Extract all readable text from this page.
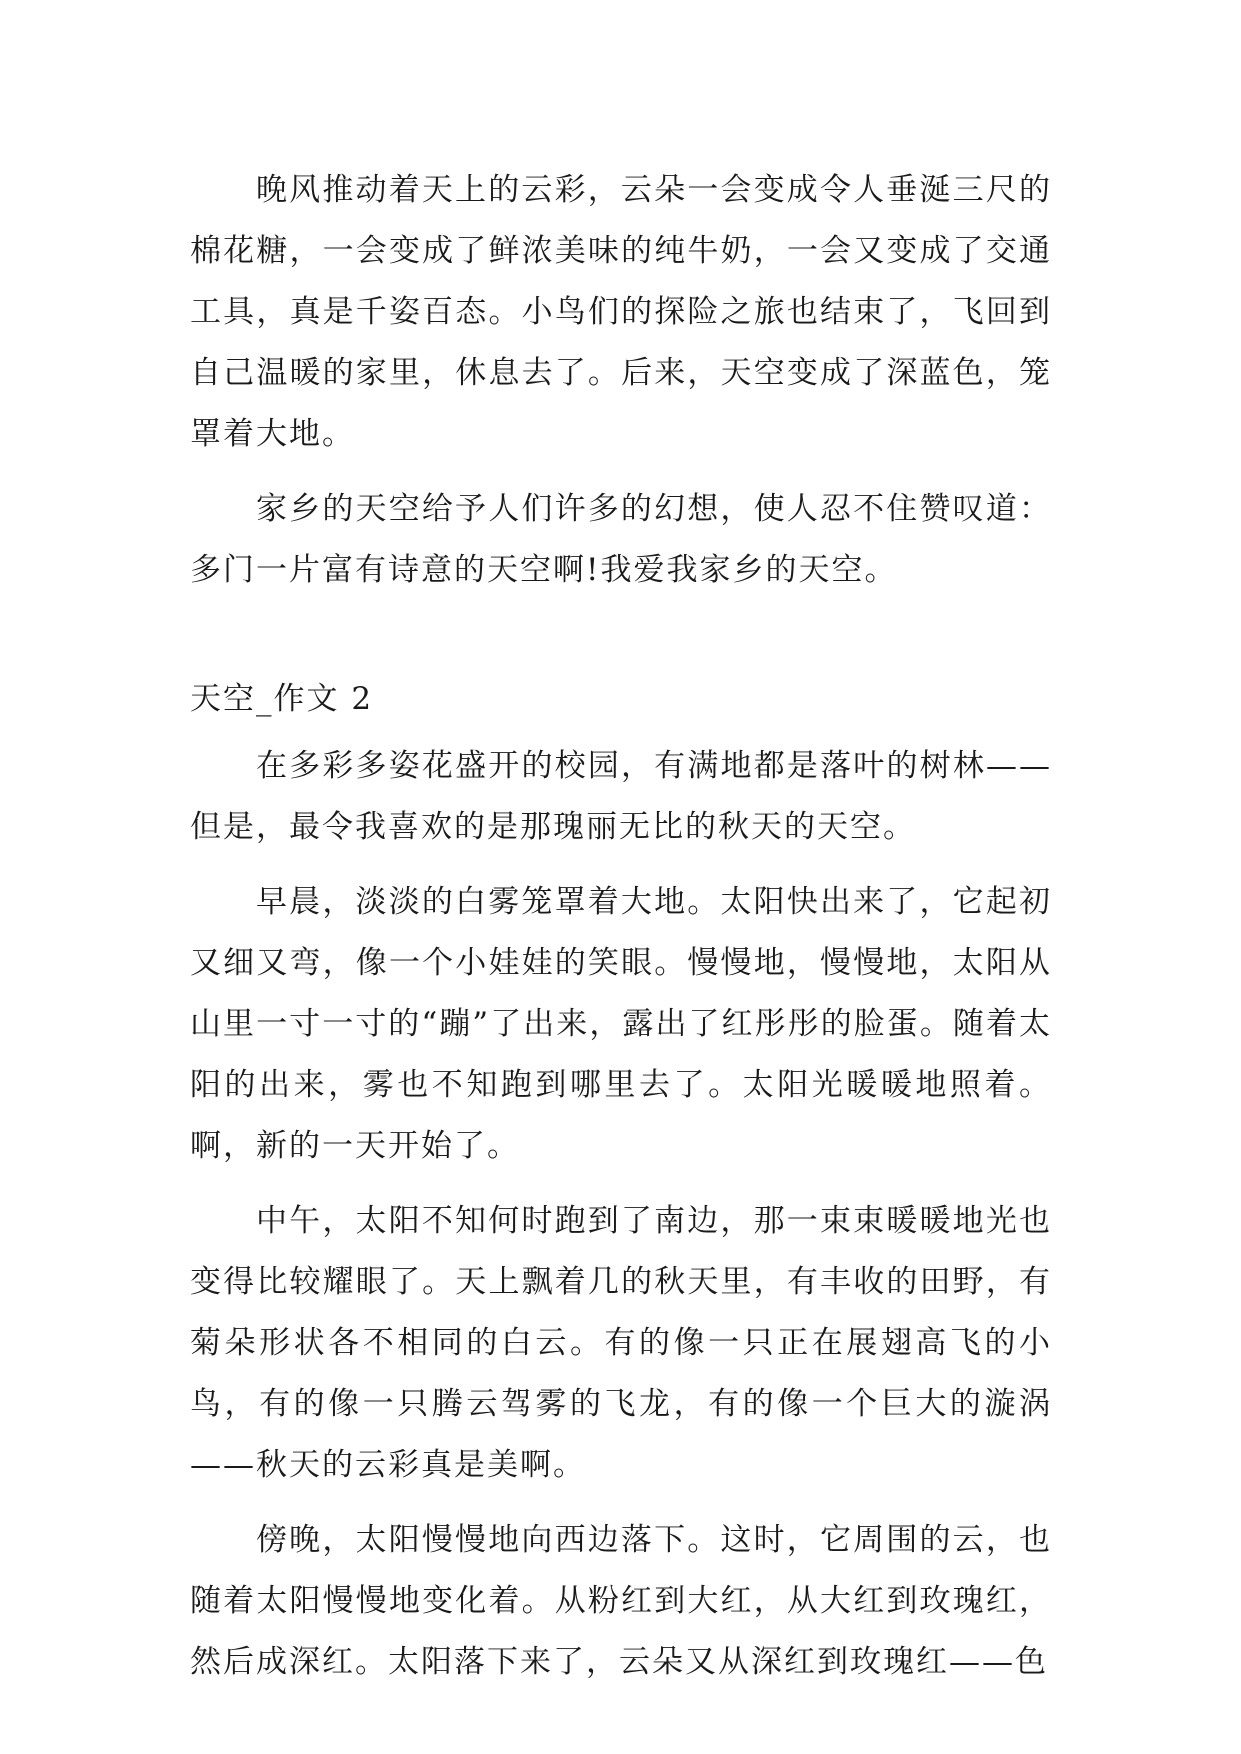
晚风推动着天上的云彩，云朵一会变成令人垂涎三尺的棉花糖，一会变成了鲜浓美味的纯牛奶，一会又变成了交通工具，真是千姿百态。小鸟们的探险之旅也结束了，飞回到自己温暖的家里，休息去了。后来，天空变成了深蓝色，笼罩着大地。

家乡的天空给予人们许多的幻想，使人忍不住赞叹道：多门一片富有诗意的天空啊!我爱我家乡的天空。

天空_作文 2

在多彩多姿花盛开的校园，有满地都是落叶的树林——但是，最令我喜欢的是那瑰丽无比的秋天的天空。

早晨，淡淡的白雾笼罩着大地。太阳快出来了，它起初又细又弯，像一个小娃娃的笑眼。慢慢地，慢慢地，太阳从山里一寸一寸的“蹦”了出来，露出了红彤彤的脸蛋。随着太阳的出来，雾也不知跑到哪里去了。太阳光暖暖地照着。啊，新的一天开始了。

中午，太阳不知何时跑到了南边，那一束束暖暖地光也变得比较耀眼了。天上飘着几的秋天里，有丰收的田野，有菊朵形状各不相同的白云。有的像一只正在展翅高飞的小鸟，有的像一只腾云驾雾的飞龙，有的像一个巨大的漩涡——秋天的云彩真是美啊。

傍晚，太阳慢慢地向西边落下。这时，它周围的云，也随着太阳慢慢地变化着。从粉红到大红，从大红到玫瑰红，然后成深红。太阳落下来了，云朵又从深红到玫瑰红——色
